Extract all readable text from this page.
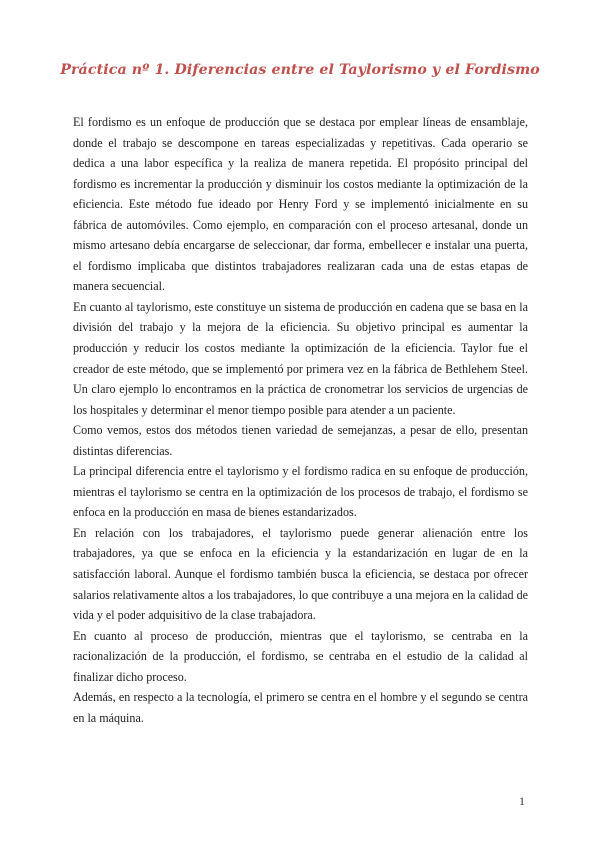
Práctica nº 1. Diferencias entre el Taylorismo y el Fordismo

El fordismo es un enfoque de producción que se destaca por emplear líneas de ensamblaje, donde el trabajo se descompone en tareas especializadas y repetitivas. Cada operario se dedica a una labor específica y la realiza de manera repetida. El propósito principal del fordismo es incrementar la producción y disminuir los costos mediante la optimización de la eficiencia. Este método fue ideado por Henry Ford y se implementó inicialmente en su fábrica de automóviles. Como ejemplo, en comparación con el proceso artesanal, donde un mismo artesano debía encargarse de seleccionar, dar forma, embellecer e instalar una puerta, el fordismo implicaba que distintos trabajadores realizaran cada una de estas etapas de manera secuencial.

En cuanto al taylorismo, este constituye un sistema de producción en cadena que se basa en la división del trabajo y la mejora de la eficiencia. Su objetivo principal es aumentar la producción y reducir los costos mediante la optimización de la eficiencia. Taylor fue el creador de este método, que se implementó por primera vez en la fábrica de Bethlehem Steel. Un claro ejemplo lo encontramos en la práctica de cronometrar los servicios de urgencias de los hospitales y determinar el menor tiempo posible para atender a un paciente.

Como vemos, estos dos métodos tienen variedad de semejanzas, a pesar de ello, presentan distintas diferencias.

La principal diferencia entre el taylorismo y el fordismo radica en su enfoque de producción, mientras el taylorismo se centra en la optimización de los procesos de trabajo, el fordismo se enfoca en la producción en masa de bienes estandarizados.

En relación con los trabajadores, el taylorismo puede generar alienación entre los trabajadores, ya que se enfoca en la eficiencia y la estandarización en lugar de en la satisfacción laboral. Aunque el fordismo también busca la eficiencia, se destaca por ofrecer salarios relativamente altos a los trabajadores, lo que contribuye a una mejora en la calidad de vida y el poder adquisitivo de la clase trabajadora.

En cuanto al proceso de producción, mientras que el taylorismo, se centraba en la racionalización de la producción, el fordismo, se centraba en el estudio de la calidad al finalizar dicho proceso.

Además, en respecto a la tecnología, el primero se centra en el hombre y el segundo se centra en la máquina.

1
